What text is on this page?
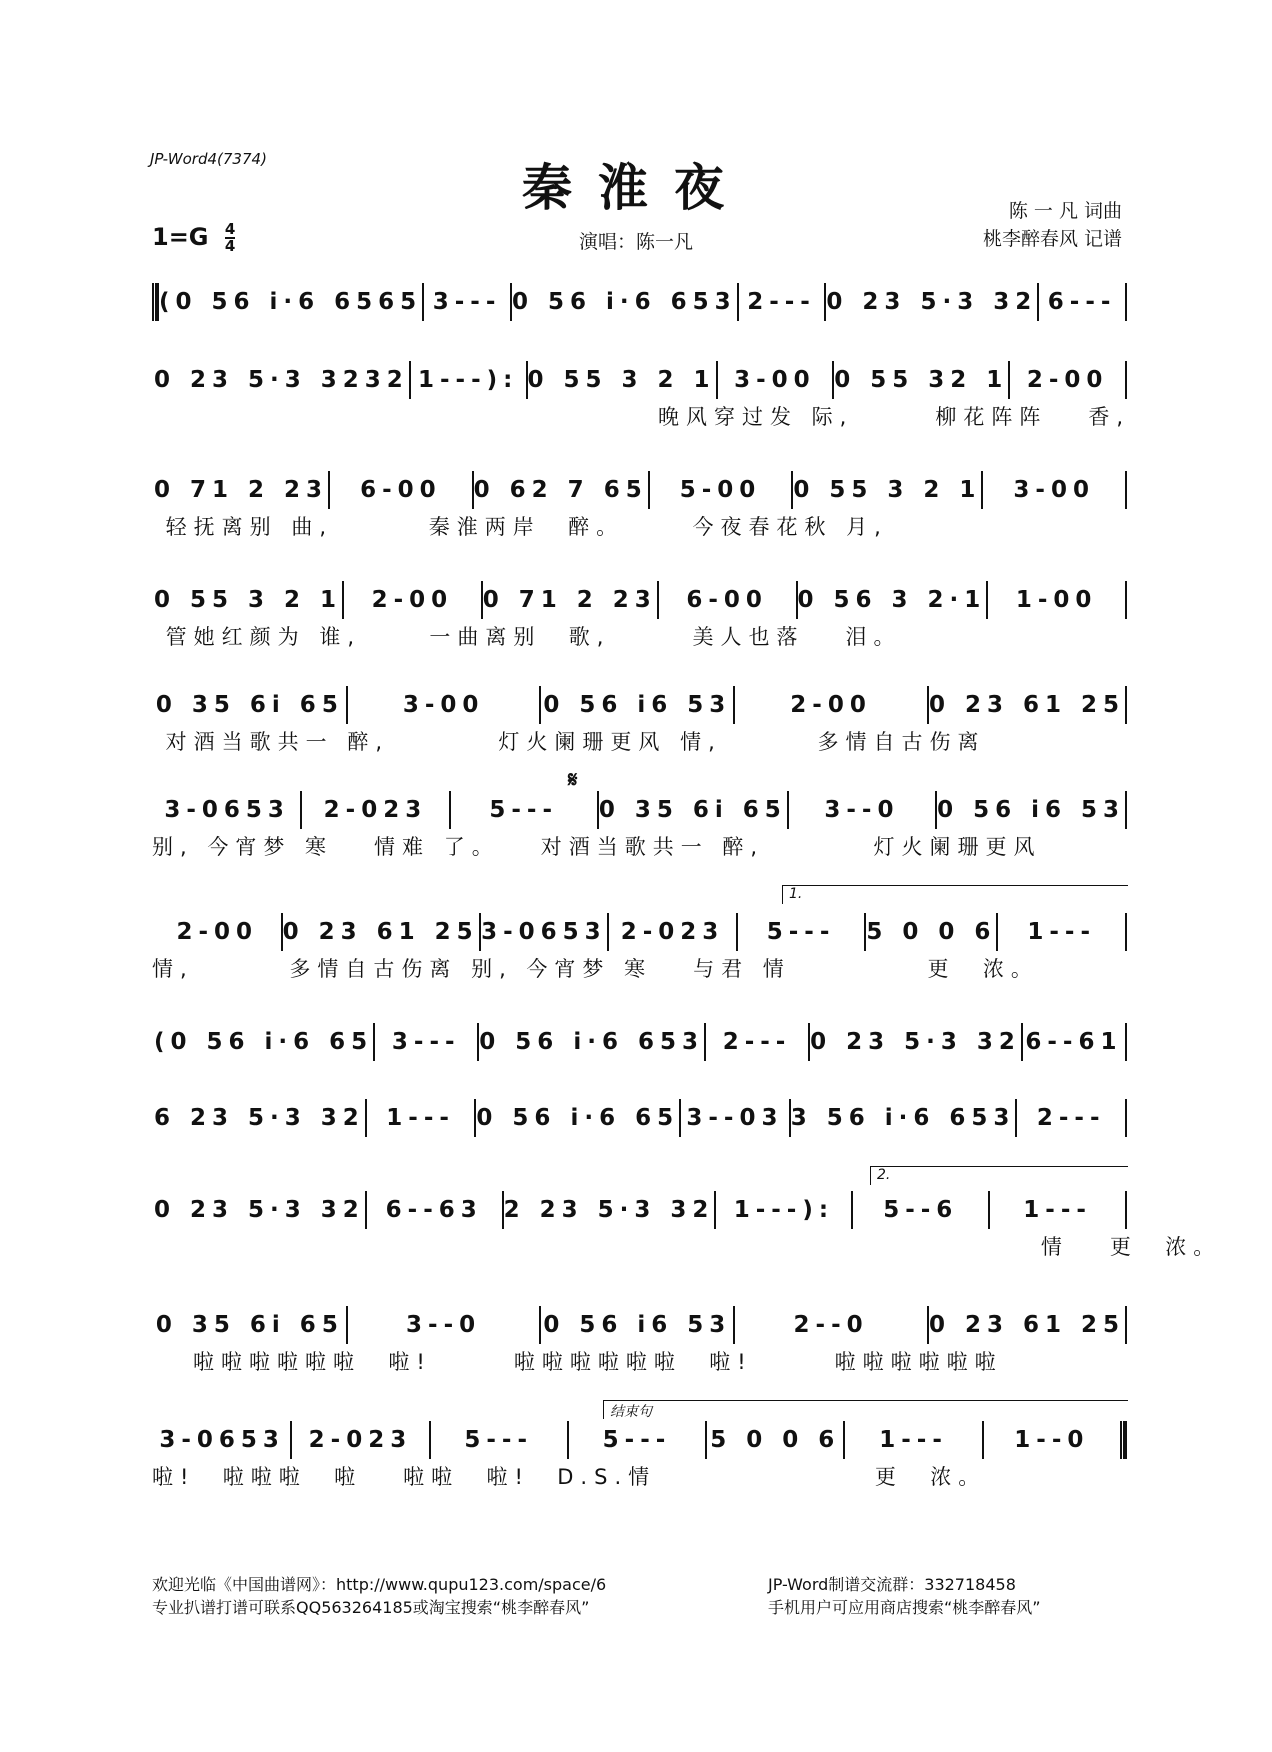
JP-Word4(7374)	秦淮夜	陈 一 凡 词曲
桃李醉春风 记谱
$1=G \frac{4}{4}$	演唱：陈一凡
(0 56 i·6 6565 3--- 0 56 i·6 653 2--- 0 23 5·3 32 6---
0 23 5·3 3232 1---): 0 55 3 2 1 3-00 0 55 32 1 2-00
晚风穿过发 际,      柳花阵阵   香,
0 71 2 23	6-00	0 62 7 65	5-00	0 55 3 2 1	3-00
轻抚离别 曲,       秦淮两岸  醉。     今夜春花秋 月,
0 55 3 2 1	2-00	0 71 2 23	6-00	0 56 3 2·1	1-00
管她红颜为 谁,     一曲离别  歌,      美人也落   泪。
0 35 6i 65	3-00	0 56 i6 53	2-00	0 23 61 25
对酒当歌共一 醉,        灯火阑珊更风 情,       多情自古伤离
3-0653	2-023	5---	0 35 6i 65	3--0	0 56 i6 53
别, 今宵梦 寒   情难 了。   对酒当歌共一 醉,        灯火阑珊更风
2-00	0 23 61 25 3-0653 2-023	5---	5 0 0 6	1---
情,       多情自古伤离 别, 今宵梦 寒   与君 情          更  浓。
(0 56 i·6 65 3--- 0 56 i·6 653 2--- 0 23 5·3 32 6--61
6 23 5·3 32 1--- 0 56 i·6 65 3--03 3 56 i·6 653 2---
0 23 5·3 32 6--63 2 23 5·3 32 1---):	5--6	1---
情   更  浓。
0 35 6i 65	3--0	0 56 i6 53	2--0	0 23 61 25
啦啦啦啦啦啦  啦!      啦啦啦啦啦啦  啦!      啦啦啦啦啦啦
3-0653	2-023	5---	5---	5 0 0 6	1---	1--0
啦!  啦啦啦  啦   啦啦  啦!  D.S.情                更  浓。
𝄋
1.
2.
结束句
欢迎光临《中国曲谱网》：http://www.qupu123.com/space/6
专业扒谱打谱可联系QQ563264185或淘宝搜索“桃李醉春风”
JP-Word制谱交流群：332718458
手机用户可应用商店搜索“桃李醉春风”
